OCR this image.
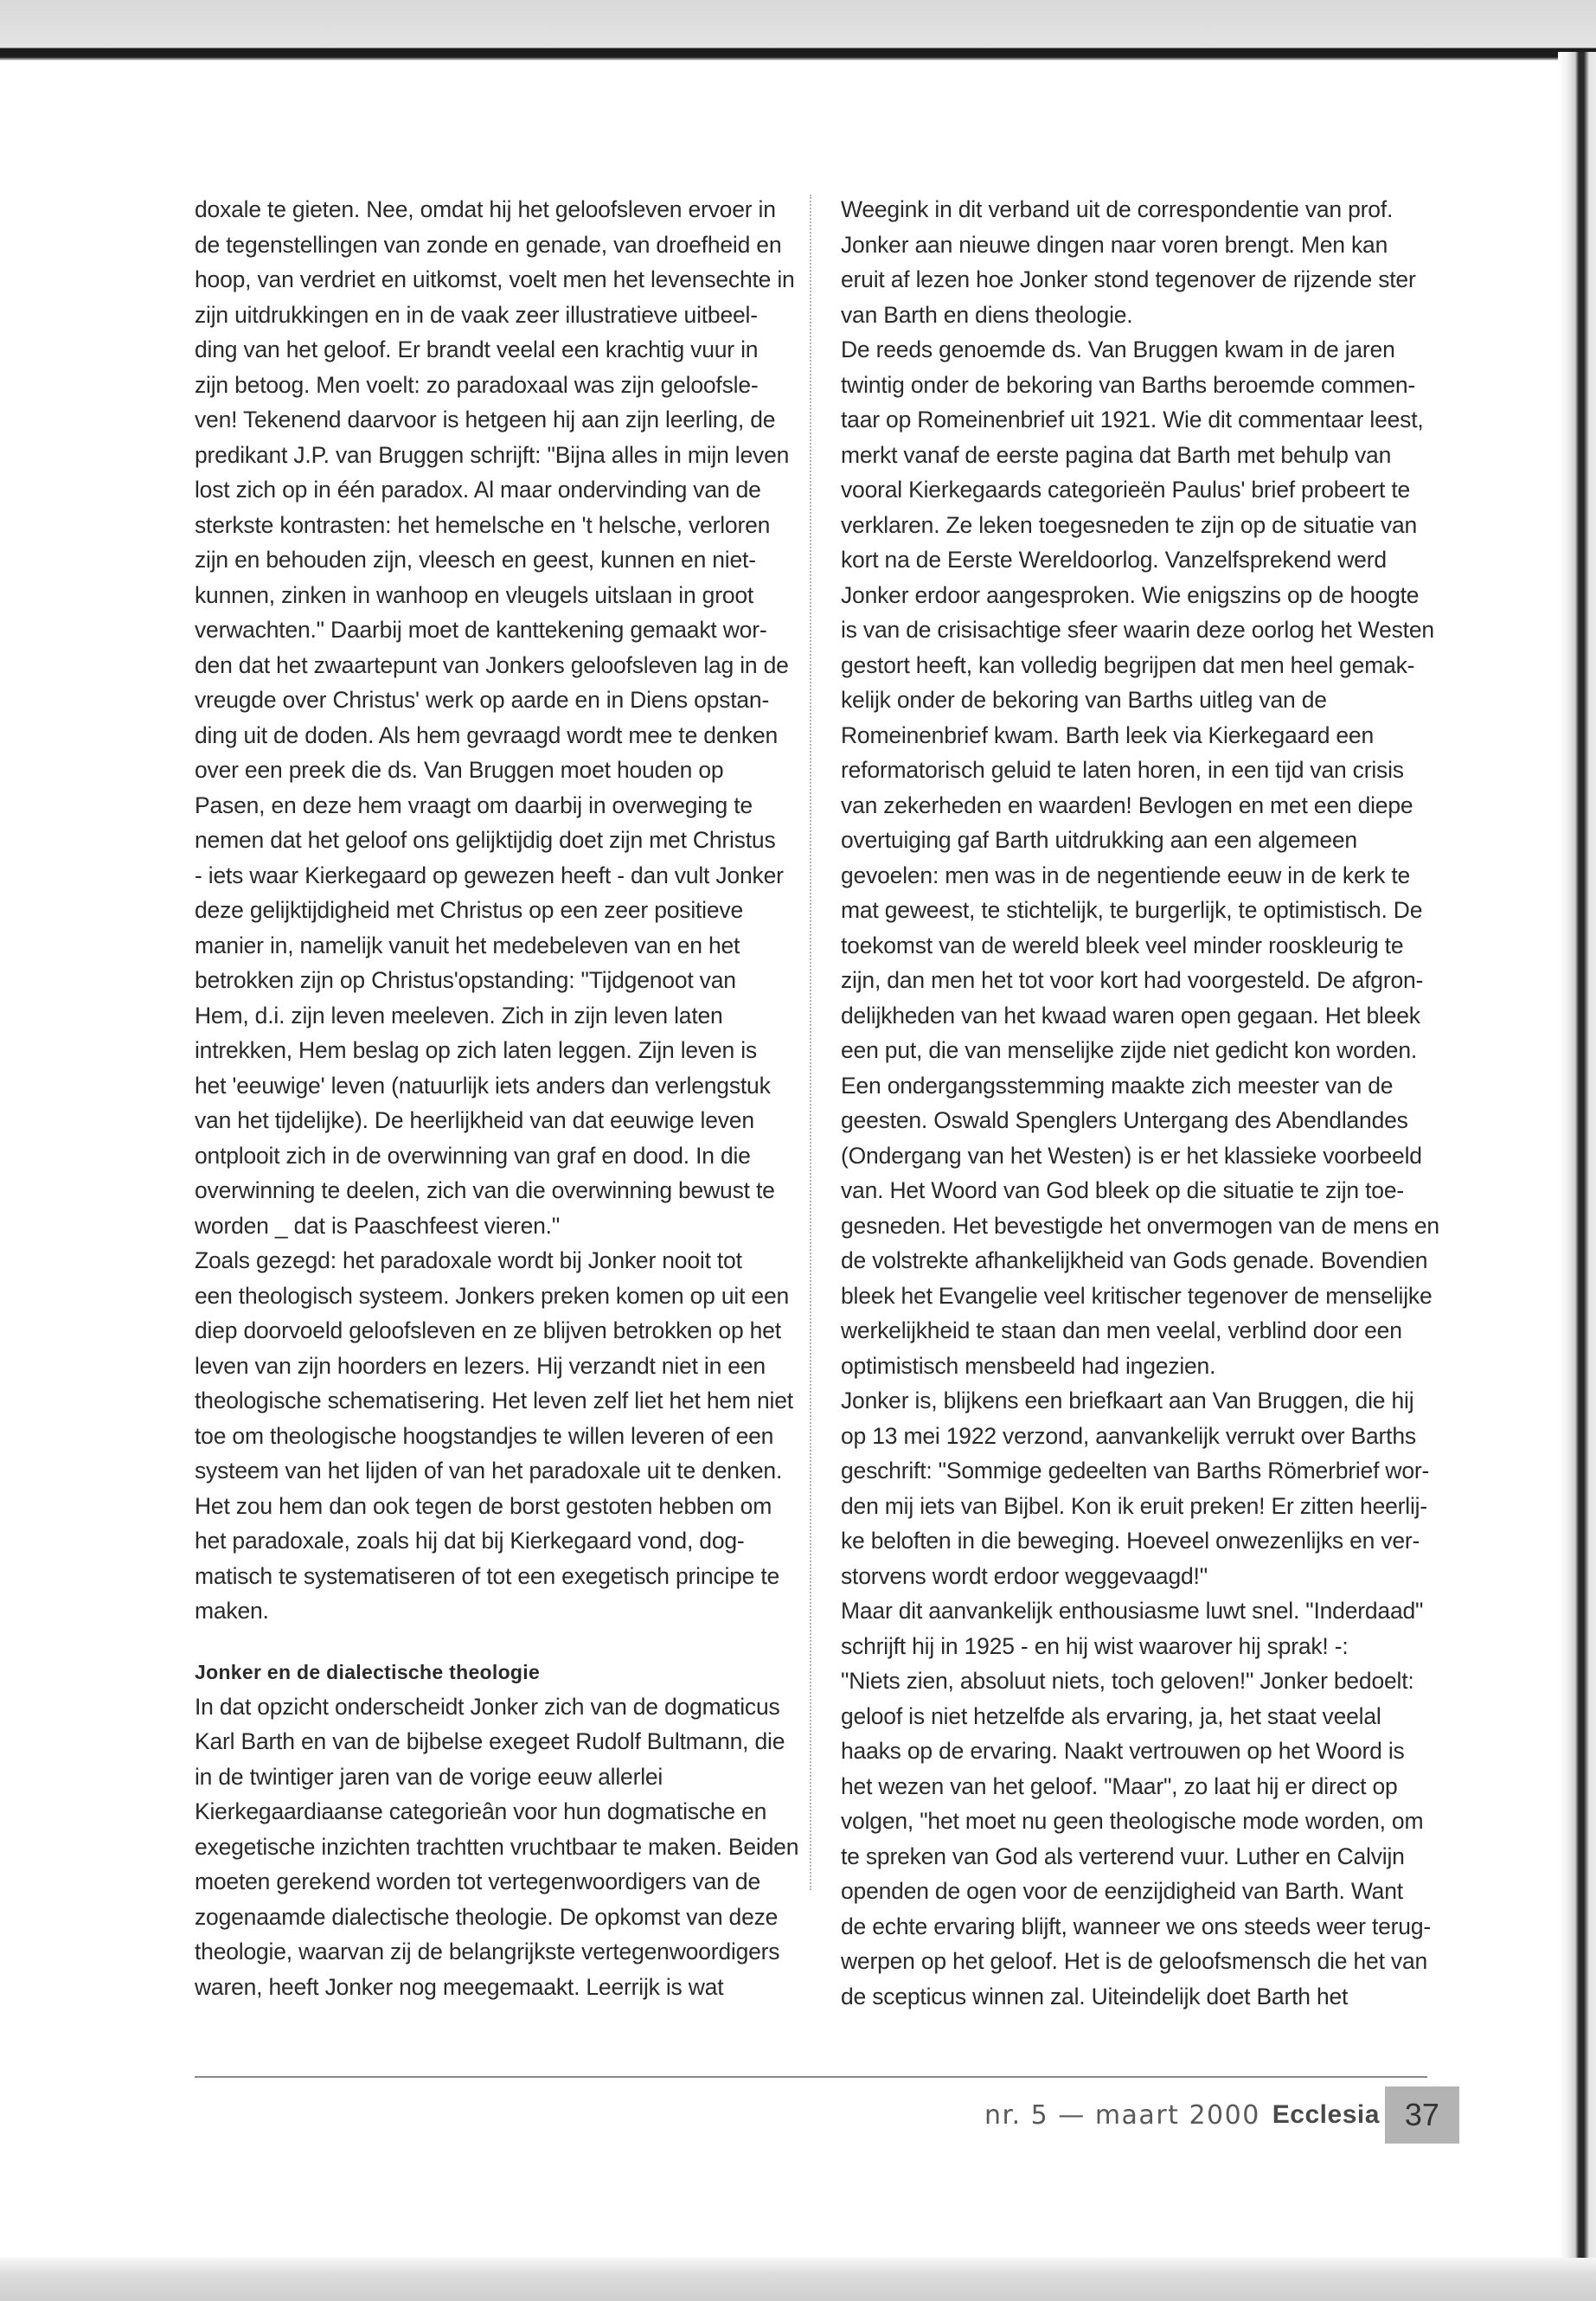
doxale te gieten. Nee, omdat hij het geloofsleven ervoer in
de tegenstellingen van zonde en genade, van droefheid en
hoop, van verdriet en uitkomst, voelt men het levensechte in
zijn uitdrukkingen en in de vaak zeer illustratieve uitbeel-
ding van het geloof. Er brandt veelal een krachtig vuur in
zijn betoog. Men voelt: zo paradoxaal was zijn geloofsle-
ven! Tekenend daarvoor is hetgeen hij aan zijn leerling, de
predikant J.P. van Bruggen schrijft: "Bijna alles in mijn leven
lost zich op in één paradox. Al maar ondervinding van de
sterkste kontrasten: het hemelsche en 't helsche, verloren
zijn en behouden zijn, vleesch en geest, kunnen en niet-
kunnen, zinken in wanhoop en vleugels uitslaan in groot
verwachten." Daarbij moet de kanttekening gemaakt wor-
den dat het zwaartepunt van Jonkers geloofsleven lag in de
vreugde over Christus' werk op aarde en in Diens opstan-
ding uit de doden. Als hem gevraagd wordt mee te denken
over een preek die ds. Van Bruggen moet houden op
Pasen, en deze hem vraagt om daarbij in overweging te
nemen dat het geloof ons gelijktijdig doet zijn met Christus
- iets waar Kierkegaard op gewezen heeft - dan vult Jonker
deze gelijktijdigheid met Christus op een zeer positieve
manier in, namelijk vanuit het medebeleven van en het
betrokken zijn op Christus'opstanding: "Tijdgenoot van
Hem, d.i. zijn leven meeleven. Zich in zijn leven laten
intrekken, Hem beslag op zich laten leggen. Zijn leven is
het 'eeuwige' leven (natuurlijk iets anders dan verlengstuk
van het tijdelijke). De heerlijkheid van dat eeuwige leven
ontplooit zich in de overwinning van graf en dood. In die
overwinning te deelen, zich van die overwinning bewust te
worden _ dat is Paaschfeest vieren."

Zoals gezegd: het paradoxale wordt bij Jonker nooit tot
een theologisch systeem. Jonkers preken komen op uit een
diep doorvoeld geloofsleven en ze blijven betrokken op het
leven van zijn hoorders en lezers. Hij verzandt niet in een
theologische schematisering. Het leven zelf liet het hem niet
toe om theologische hoogstandjes te willen leveren of een
systeem van het lijden of van het paradoxale uit te denken.
Het zou hem dan ook tegen de borst gestoten hebben om
het paradoxale, zoals hij dat bij Kierkegaard vond, dog-
matisch te systematiseren of tot een exegetisch principe te
maken.

Jonker en de dialectische theologie

In dat opzicht onderscheidt Jonker zich van de dogmaticus
Karl Barth en van de bijbelse exegeet Rudolf Bultmann, die
in de twintiger jaren van de vorige eeuw allerlei
Kierkegaardiaanse categorieân voor hun dogmatische en
exegetische inzichten trachtten vruchtbaar te maken. Beiden
moeten gerekend worden tot vertegenwoordigers van de
zogenaamde dialectische theologie. De opkomst van deze
theologie, waarvan zij de belangrijkste vertegenwoordigers
waren, heeft Jonker nog meegemaakt. Leerrijk is wat

Weegink in dit verband uit de correspondentie van prof.
Jonker aan nieuwe dingen naar voren brengt. Men kan
eruit af lezen hoe Jonker stond tegenover de rijzende ster
van Barth en diens theologie.

De reeds genoemde ds. Van Bruggen kwam in de jaren
twintig onder de bekoring van Barths beroemde commen-
taar op Romeinenbrief uit 1921. Wie dit commentaar leest,
merkt vanaf de eerste pagina dat Barth met behulp van
vooral Kierkegaards categorieën Paulus' brief probeert te
verklaren. Ze leken toegesneden te zijn op de situatie van
kort na de Eerste Wereldoorlog. Vanzelfsprekend werd
Jonker erdoor aangesproken. Wie enigszins op de hoogte
is van de crisisachtige sfeer waarin deze oorlog het Westen
gestort heeft, kan volledig begrijpen dat men heel gemak-
kelijk onder de bekoring van Barths uitleg van de
Romeinenbrief kwam. Barth leek via Kierkegaard een
reformatorisch geluid te laten horen, in een tijd van crisis
van zekerheden en waarden! Bevlogen en met een diepe
overtuiging gaf Barth uitdrukking aan een algemeen
gevoelen: men was in de negentiende eeuw in de kerk te
mat geweest, te stichtelijk, te burgerlijk, te optimistisch. De
toekomst van de wereld bleek veel minder rooskleurig te
zijn, dan men het tot voor kort had voorgesteld. De afgron-
delijkheden van het kwaad waren open gegaan. Het bleek
een put, die van menselijke zijde niet gedicht kon worden.
Een ondergangsstemming maakte zich meester van de
geesten. Oswald Spenglers Untergang des Abendlandes
(Ondergang van het Westen) is er het klassieke voorbeeld
van. Het Woord van God bleek op die situatie te zijn toe-
gesneden. Het bevestigde het onvermogen van de mens en
de volstrekte afhankelijkheid van Gods genade. Bovendien
bleek het Evangelie veel kritischer tegenover de menselijke
werkelijkheid te staan dan men veelal, verblind door een
optimistisch mensbeeld had ingezien.

Jonker is, blijkens een briefkaart aan Van Bruggen, die hij
op 13 mei 1922 verzond, aanvankelijk verrukt over Barths
geschrift: "Sommige gedeelten van Barths Römerbrief wor-
den mij iets van Bijbel. Kon ik eruit preken! Er zitten heerlij-
ke beloften in die beweging. Hoeveel onwezenlijks en ver-
storvens wordt erdoor weggevaagd!"

Maar dit aanvankelijk enthousiasme luwt snel. "Inderdaad"
schrijft hij in 1925 - en hij wist waarover hij sprak! -:
"Niets zien, absoluut niets, toch geloven!" Jonker bedoelt:
geloof is niet hetzelfde als ervaring, ja, het staat veelal
haaks op de ervaring. Naakt vertrouwen op het Woord is
het wezen van het geloof. "Maar", zo laat hij er direct op
volgen, "het moet nu geen theologische mode worden, om
te spreken van God als verterend vuur. Luther en Calvijn
openden de ogen voor de eenzijdigheid van Barth. Want
de echte ervaring blijft, wanneer we ons steeds weer terug-
werpen op het geloof. Het is de geloofsmensch die het van
de scepticus winnen zal. Uiteindelijk doet Barth het

nr. 5 — maart 2000 Ecclesia 37
